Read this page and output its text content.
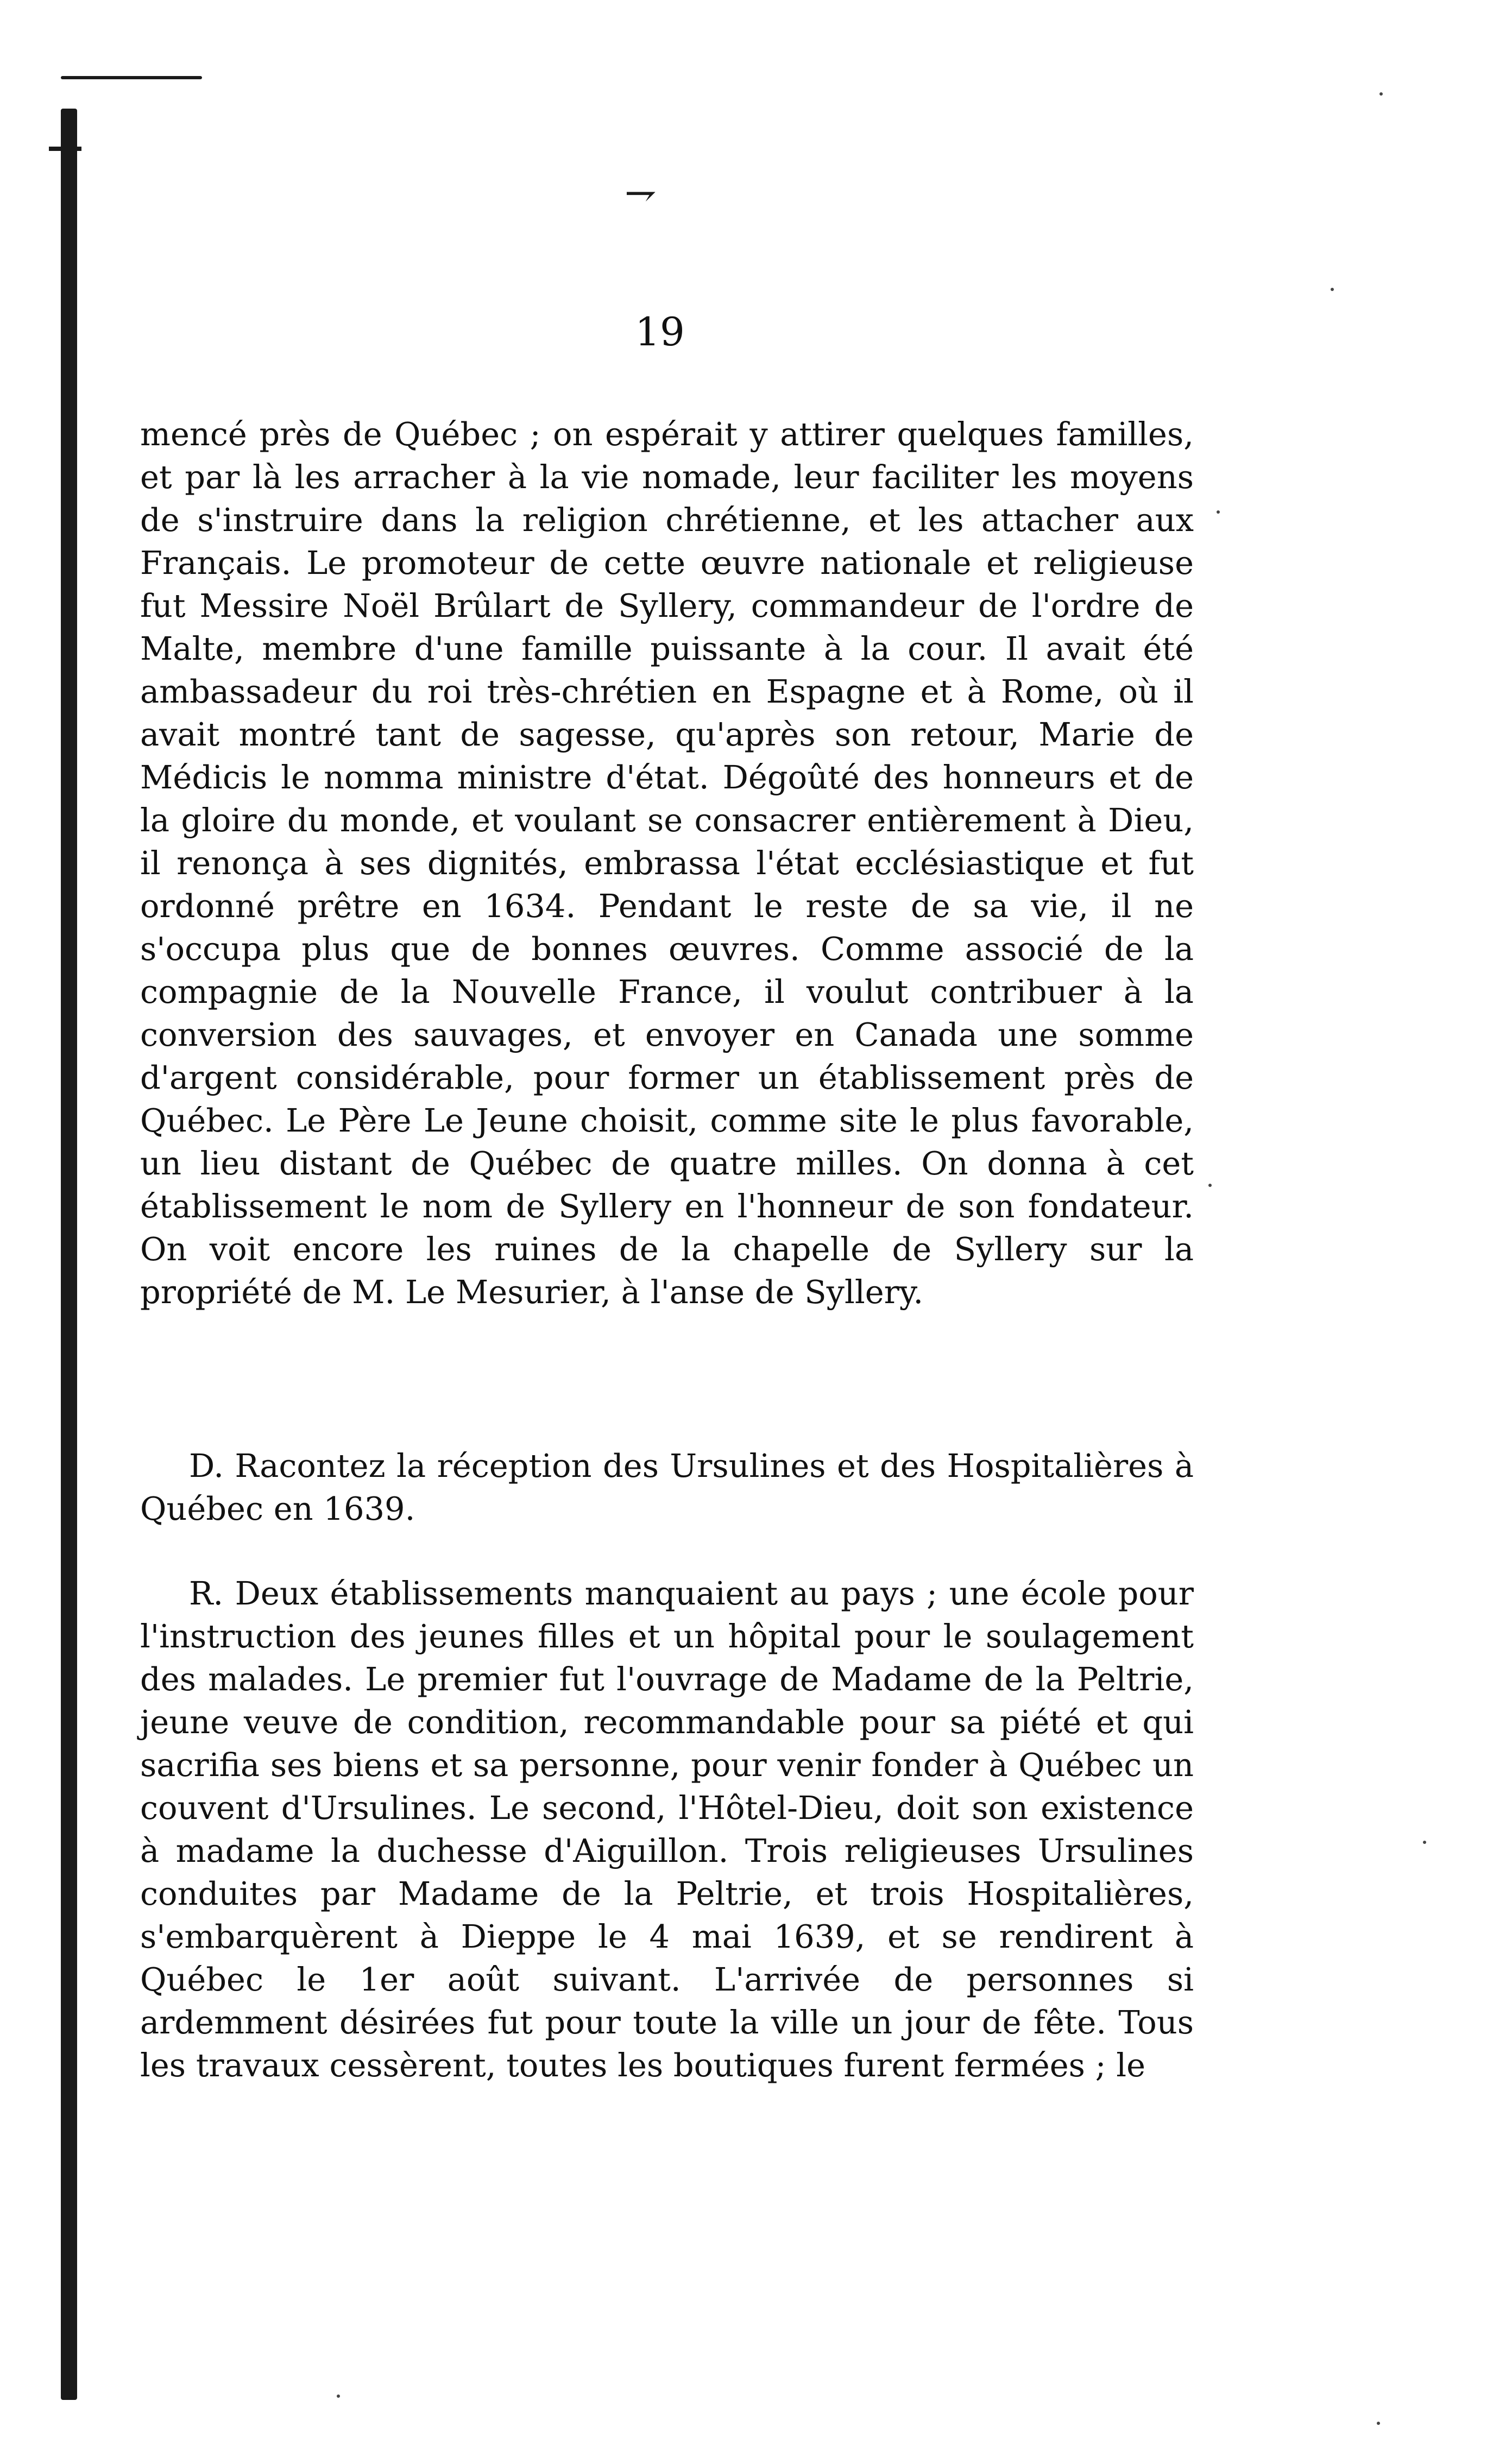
⇁
19

mencé près de Québec ; on espérait y attirer quelques familles, et par là les arracher à la vie nomade, leur faciliter les moyens de s'instruire dans la religion chrétienne, et les attacher aux Français. Le promoteur de cette œuvre nationale et religieuse fut Messire Noël Brûlart de Syllery, commandeur de l'ordre de Malte, membre d'une famille puissante à la cour. Il avait été ambassadeur du roi très-chrétien en Espagne et à Rome, où il avait montré tant de sagesse, qu'après son retour, Marie de Médicis le nomma ministre d'état. Dégoûté des honneurs et de la gloire du monde, et voulant se consacrer entièrement à Dieu, il renonça à ses dignités, embrassa l'état ecclésiastique et fut ordonné prêtre en 1634. Pendant le reste de sa vie, il ne s'occupa plus que de bonnes œuvres. Comme associé de la compagnie de la Nouvelle France, il voulut contribuer à la conversion des sauvages, et envoyer en Canada une somme d'argent considérable, pour former un établissement près de Québec. Le Père Le Jeune choisit, comme site le plus favorable, un lieu distant de Québec de quatre milles. On donna à cet établissement le nom de Syllery en l'honneur de son fondateur. On voit encore les ruines de la chapelle de Syllery sur la propriété de M. Le Mesurier, à l'anse de Syllery.

D. Racontez la réception des Ursulines et des Hospitalières à Québec en 1639.

R. Deux établissements manquaient au pays ; une école pour l'instruction des jeunes filles et un hôpital pour le soulagement des malades. Le premier fut l'ouvrage de Madame de la Peltrie, jeune veuve de condition, recommandable pour sa piété et qui sacrifia ses biens et sa personne, pour venir fonder à Québec un couvent d'Ursulines. Le second, l'Hôtel-Dieu, doit son existence à madame la duchesse d'Aiguillon. Trois religieuses Ursulines conduites par Madame de la Peltrie, et trois Hospitalières, s'embarquèrent à Dieppe le 4 mai 1639, et se rendirent à Québec le 1er août suivant. L'arrivée de personnes si ardemment désirées fut pour toute la ville un jour de fête. Tous les travaux cessèrent, toutes les boutiques furent fermées ; le
